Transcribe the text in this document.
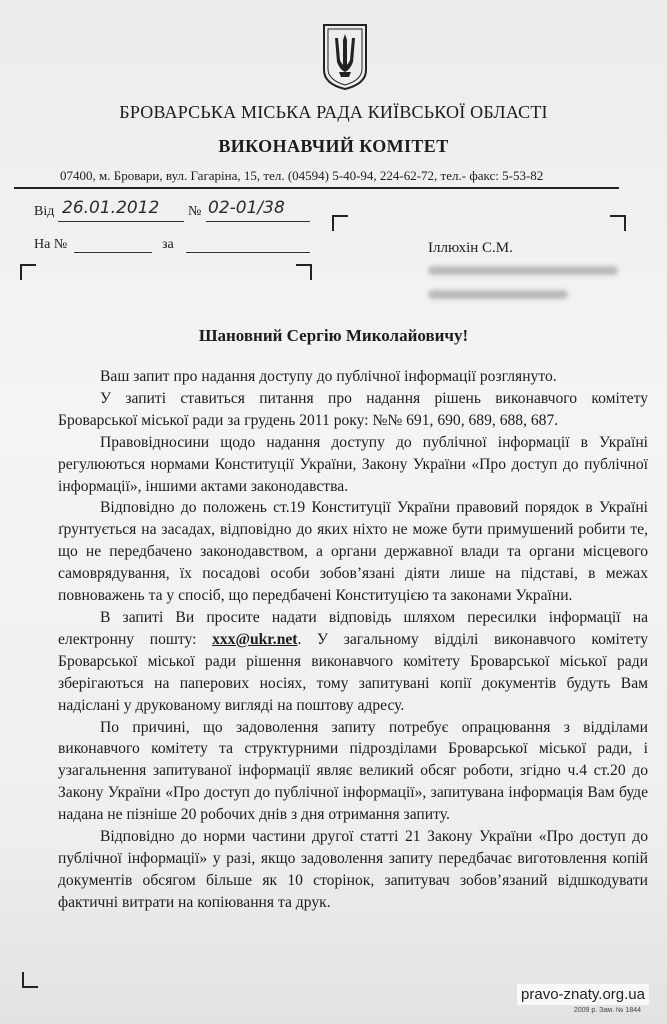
БРОВАРСЬКА МІСЬКА РАДА КИЇВСЬКОЇ ОБЛАСТІ
ВИКОНАВЧИЙ КОМІТЕТ
07400, м. Бровари, вул. Гагаріна, 15, тел. (04594) 5-40-94, 224-62-72, тел.- факс: 5-53-82
Від 26.01.2012 № 02-01/38
На №	за	Іллюхін С.М.
Шановний Сергію Миколайовичу!

Ваш запит про надання доступу до публічної інформації розглянуто.

У запиті ставиться питання про надання рішень виконавчого комітету Броварської міської ради за грудень 2011 року: №№ 691, 690, 689, 688, 687.

Правовідносини щодо надання доступу до публічної інформації в Україні регулюються нормами Конституції України, Закону України «Про доступ до публічної інформації», іншими актами законодавства.

Відповідно до положень ст.19 Конституції України правовий порядок в Україні ґрунтується на засадах, відповідно до яких ніхто не може бути примушений робити те, що не передбачено законодавством, а органи державної влади та органи місцевого самоврядування, їх посадові особи зобов’язані діяти лише на підставі, в межах повноважень та у спосіб, що передбачені Конституцією та законами України.

В запиті Ви просите надати відповідь шляхом пересилки інформації на електронну пошту: xxx@ukr.net. У загальному відділі виконавчого комітету Броварської міської ради рішення виконавчого комітету Броварської міської ради зберігаються на паперових носіях, тому запитувані копії документів будуть Вам надіслані у друкованому вигляді на поштову адресу.

По причині, що задоволення запиту потребує опрацювання з відділами виконавчого комітету та структурними підрозділами Броварської міської ради, і узагальнення запитуваної інформації являє великий обсяг роботи, згідно ч.4 ст.20 до Закону України «Про доступ до публічної інформації», запитувана інформація Вам буде надана не пізніше 20 робочих днів з дня отримання запиту.

Відповідно до норми частини другої статті 21 Закону України «Про доступ до публічної інформації» у разі, якщо задоволення запиту передбачає виготовлення копій документів обсягом більше як 10 сторінок, запитувач зобов’язаний відшкодувати фактичні витрати на копіювання та друк.

pravo-znaty.org.ua
2009 р. Зам. № 1844
